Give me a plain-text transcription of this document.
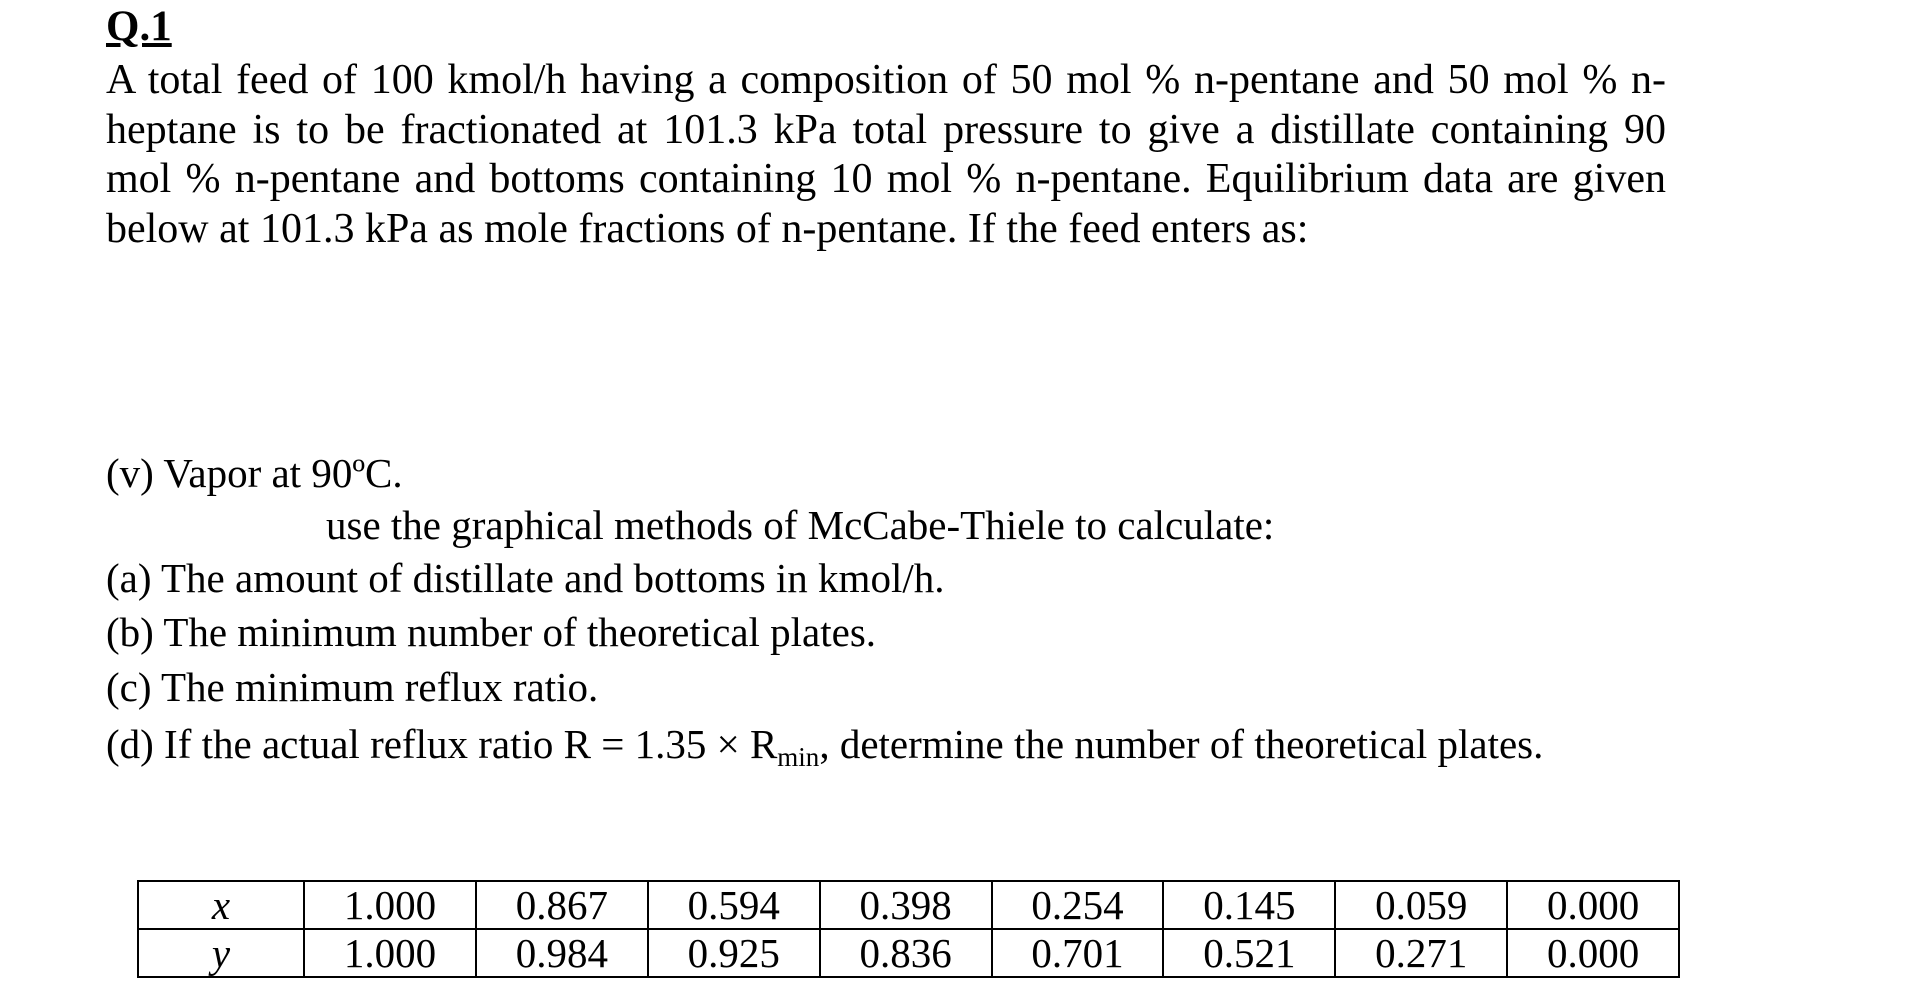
Q.1

A total feed of 100 kmol/h having a composition of 50 mol % n-pentane and 50 mol % n-
heptane is to be fractionated at 101.3 kPa total pressure to give a distillate containing 90
mol % n-pentane and bottoms containing 10 mol % n-pentane. Equilibrium data are given
below at 101.3 kPa as mole fractions of n-pentane. If the feed enters as:

(v) Vapor at 90ºC.
use the graphical methods of McCabe-Thiele to calculate:
(a) The amount of distillate and bottoms in kmol/h.
(b) The minimum number of theoretical plates.
(c) The minimum reflux ratio.
(d) If the actual reflux ratio $R = 1.35 \times R_{min}$, determine the number of theoretical plates.
x	1.000	0.867	0.594	0.398	0.254	0.145	0.059	0.000
y	1.000	0.984	0.925	0.836	0.701	0.521	0.271	0.000
